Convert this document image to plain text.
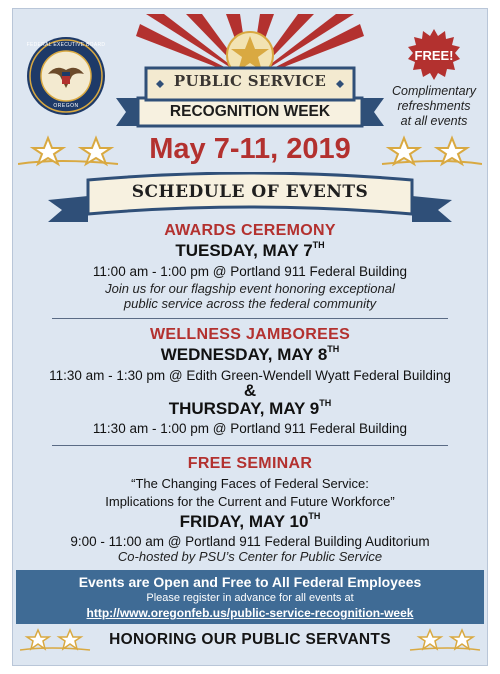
FEDERAL EXECUTIVE BOARD
OREGON
FREE!
Complimentary
refreshments
at all events
PUBLIC SERVICE
RECOGNITION WEEK
May 7-11, 2019
SCHEDULE OF EVENTS
AWARDS CEREMONY
TUESDAY, MAY 7TH
11:00 am - 1:00 pm @ Portland 911 Federal Building
Join us for our flagship event honoring exceptional
public service across the federal community
WELLNESS JAMBOREES
WEDNESDAY, MAY 8TH
11:30 am - 1:30 pm @ Edith Green-Wendell Wyatt Federal Building
&
THURSDAY, MAY 9TH
11:30 am - 1:00 pm @ Portland 911 Federal Building
FREE SEMINAR
“The Changing Faces of Federal Service:
Implications for the Current and Future Workforce”
FRIDAY, MAY 10TH
9:00 - 11:00 am @ Portland 911 Federal Building Auditorium
Co-hosted by PSU’s Center for Public Service
Events are Open and Free to All Federal Employees
Please register in advance for all events at
http://www.oregonfeb.us/public-service-recognition-week
HONORING OUR PUBLIC SERVANTS
